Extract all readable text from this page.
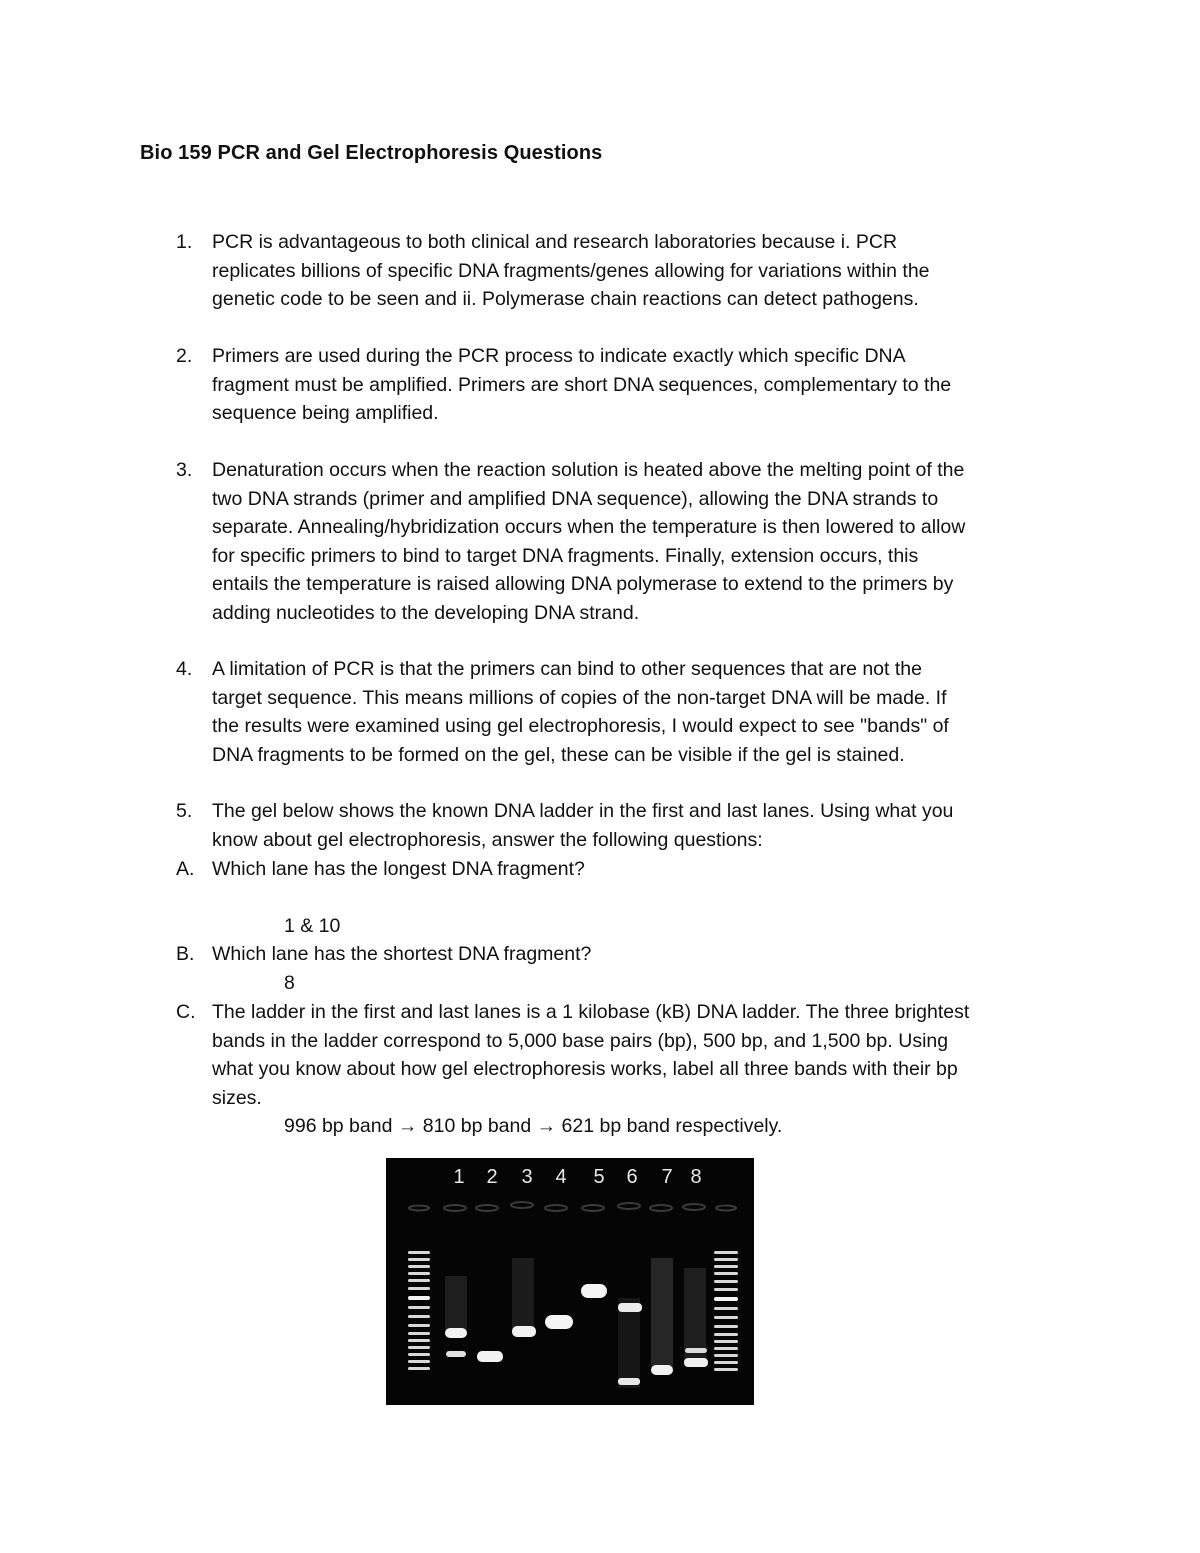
Bio 159 PCR and Gel Electrophoresis Questions
1.	PCR is advantageous to both clinical and research laboratories because i. PCR
replicates billions of specific DNA fragments/genes allowing for variations within the
genetic code to be seen and ii. Polymerase chain reactions can detect pathogens.
2.	Primers are used during the PCR process to indicate exactly which specific DNA
fragment must be amplified. Primers are short DNA sequences, complementary to the
sequence being amplified.
3.	Denaturation occurs when the reaction solution is heated above the melting point of the
two DNA strands (primer and amplified DNA sequence), allowing the DNA strands to
separate. Annealing/hybridization occurs when the temperature is then lowered to allow
for specific primers to bind to target DNA fragments. Finally, extension occurs, this
entails the temperature is raised allowing DNA polymerase to extend to the primers by
adding nucleotides to the developing DNA strand.
4.	A limitation of PCR is that the primers can bind to other sequences that are not the
target sequence. This means millions of copies of the non-target DNA will be made. If
the results were examined using gel electrophoresis, I would expect to see "bands" of
DNA fragments to be formed on the gel, these can be visible if the gel is stained.
5.	The gel below shows the known DNA ladder in the first and last lanes. Using what you
know about gel electrophoresis, answer the following questions:
A. Which lane has the longest DNA fragment?
1 & 10
B. Which lane has the shortest DNA fragment?
8
C. The ladder in the first and last lanes is a 1 kilobase (kB) DNA ladder. The three brightest
bands in the ladder correspond to 5,000 base pairs (bp), 500 bp, and 1,500 bp. Using
what you know about how gel electrophoresis works, label all three bands with their bp
sizes.
996 bp band → 810 bp band → 621 bp band respectively.
1 2 3 4 5 6 7 8
